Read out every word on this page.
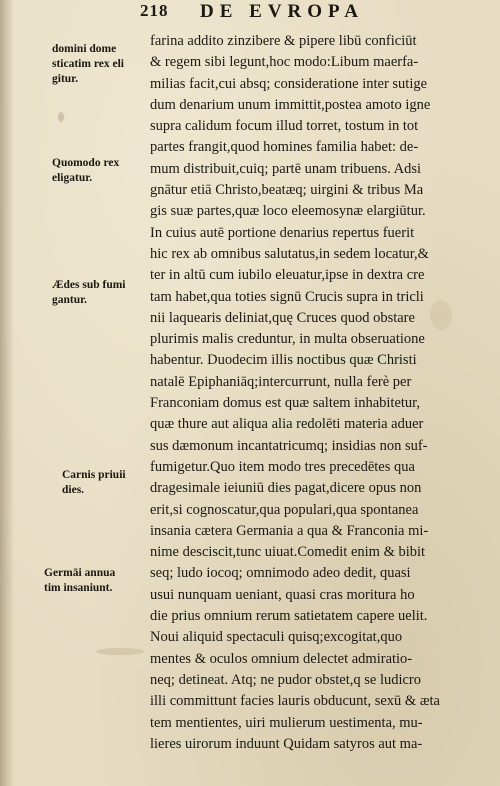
218 DE EVROPA
domini dome
sticatim rex eli
gitur.
Quomodo rex
eligatur.
Ædes sub fumi
gantur.
Carnis priuii
dies.
Germāi annua
tim insaniunt.
farina addito zinzibere & pipere libū conficiūt
& regem sibi legunt,hoc modo:Libum maerfa-
milias facit,cui absq; consideratione inter sutige
dum denarium unum immittit,postea amoto igne
supra calidum focum illud torret, tostum in tot
partes frangit,quod homines familia habet: de-
mum distribuit,cuiq; partē unam tribuens. Adsi
gnātur etiā Christo,beatæq; uirgini & tribus Ma
gis suæ partes,quæ loco eleemosynæ elargiūtur.
In cuius autē portione denarius repertus fuerit
hic rex ab omnibus salutatus,in sedem locatur,&
ter in altū cum iubilo eleuatur,ipse in dextra cre
tam habet,qua toties signū Crucis supra in tricli
nii laquearis deliniat,quę Cruces quod obstare
plurimis malis creduntur, in multa obseruatione
habentur. Duodecim illis noctibus quæ Christi
natalē Epiphaniāq;intercurrunt, nulla ferè per
Franconiam domus est quæ saltem inhabitetur,
quæ thure aut aliqua alia redolēti materia aduer
sus dæmonum incantatricumq; insidias non suf-
fumigetur.Quo item modo tres precedētes qua
dragesimale ieiuniū dies pagat,dicere opus non
erit,si cognoscatur,qua populari,qua spontanea
insania cætera Germania a qua & Franconia mi-
nime desciscit,tunc uiuat.Comedit enim & bibit
seq; ludo iocoq; omnimodo adeo dedit, quasi
usui nunquam ueniant, quasi cras moritura ho
die prius omnium rerum satietatem capere uelit.
Noui aliquid spectaculi quisq;excogitat,quo
mentes & oculos omnium delectet admiratio-
neq; detineat. Atq; ne pudor obstet,q se ludicro
illi committunt facies lauris obducunt, sexū & æta
tem mentientes, uiri mulierum uestimenta, mu-
lieres uirorum induunt Quidam satyros aut ma-
